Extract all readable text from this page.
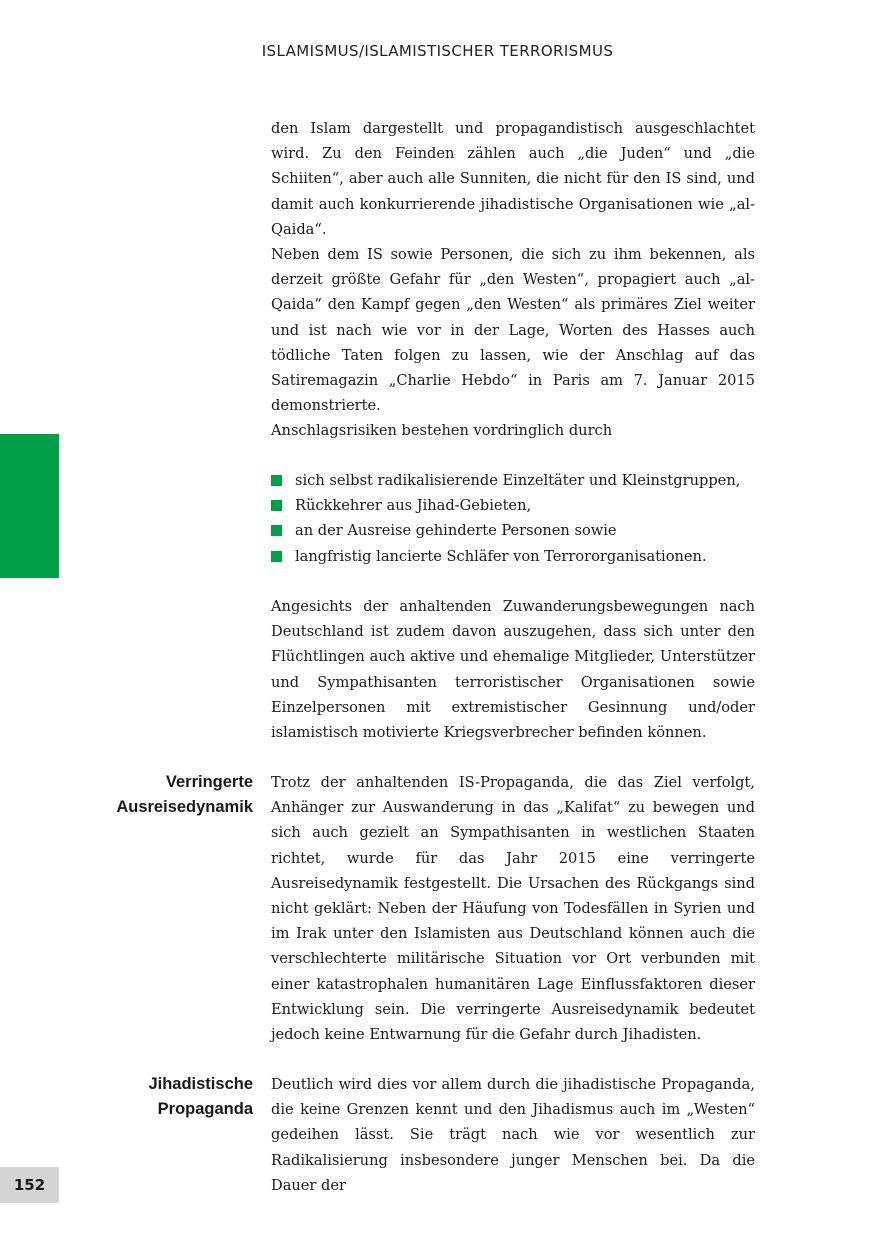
ISLAMISMUS/ISLAMISTISCHER TERRORISMUS

152

den Islam dargestellt und propagandistisch ausgeschlachtet wird. Zu den Feinden zählen auch „die Juden“ und „die Schiiten“, aber auch alle Sunniten, die nicht für den IS sind, und damit auch konkurrierende jihadistische Organisationen wie „al-Qaida“.

Neben dem IS sowie Personen, die sich zu ihm bekennen, als derzeit größte Gefahr für „den Westen“, propagiert auch „al-Qaida“ den Kampf gegen „den Westen“ als primäres Ziel weiter und ist nach wie vor in der Lage, Worten des Hasses auch tödliche Taten folgen zu lassen, wie der Anschlag auf das Satiremagazin „Charlie Hebdo“ in Paris am 7. Januar 2015 demonstrierte.

Anschlagsrisiken bestehen vordringlich durch

sich selbst radikalisierende Einzeltäter und Kleinstgruppen,
Rückkehrer aus Jihad-Gebieten,
an der Ausreise gehinderte Personen sowie
langfristig lancierte Schläfer von Terrororganisationen.

Angesichts der anhaltenden Zuwanderungsbewegungen nach Deutschland ist zudem davon auszugehen, dass sich unter den Flüchtlingen auch aktive und ehemalige Mitglieder, Unterstützer und Sympathisanten terroristischer Organisationen sowie Einzelpersonen mit extremistischer Gesinnung und/oder islamistisch motivierte Kriegsverbrecher befinden können.

Verringerte
Ausreisedynamik

Trotz der anhaltenden IS-Propaganda, die das Ziel verfolgt, Anhänger zur Auswanderung in das „Kalifat“ zu bewegen und sich auch gezielt an Sympathisanten in westlichen Staaten richtet, wurde für das Jahr 2015 eine verringerte Ausreisedynamik festgestellt. Die Ursachen des Rückgangs sind nicht geklärt: Neben der Häufung von Todesfällen in Syrien und im Irak unter den Islamisten aus Deutschland können auch die verschlechterte militärische Situation vor Ort verbunden mit einer katastrophalen humanitären Lage Einflussfaktoren dieser Entwicklung sein. Die verringerte Ausreisedynamik bedeutet jedoch keine Entwarnung für die Gefahr durch Jihadisten.

Jihadistische
Propaganda

Deutlich wird dies vor allem durch die jihadistische Propaganda, die keine Grenzen kennt und den Jihadismus auch im „Westen“ gedeihen lässt. Sie trägt nach wie vor wesentlich zur Radikalisierung insbesondere junger Menschen bei. Da die Dauer der
